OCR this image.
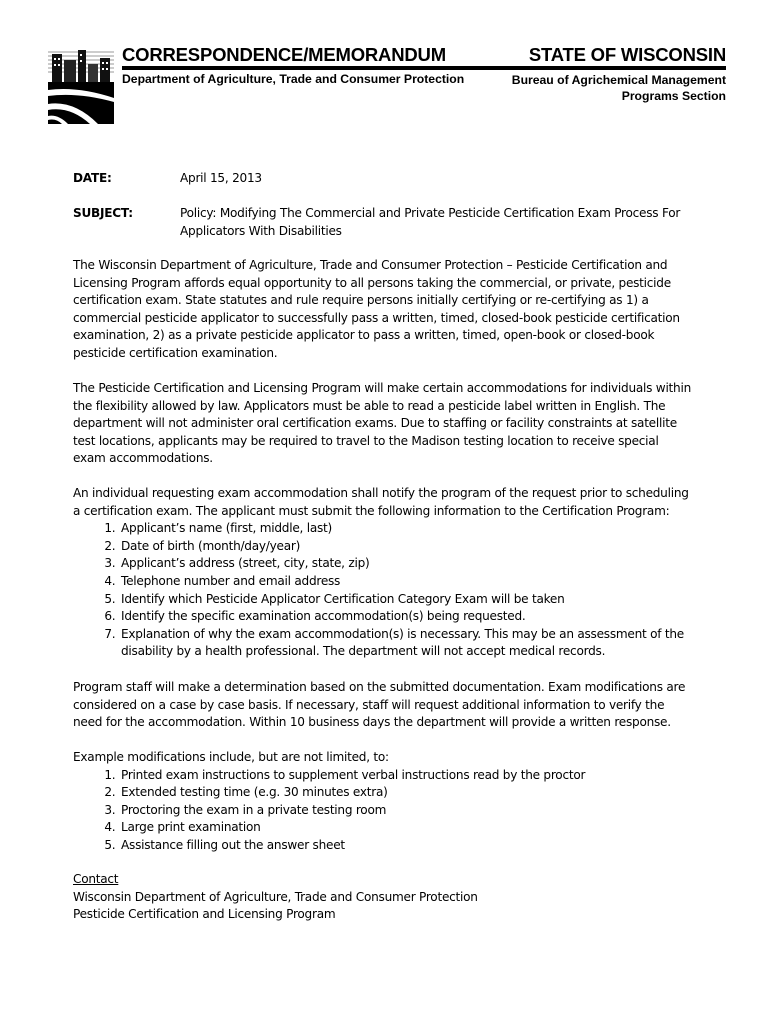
CORRESPONDENCE/MEMORANDUM	STATE OF WISCONSIN
Department of Agriculture, Trade and Consumer Protection	Bureau of Agrichemical Management
Programs Section
DATE:	April 15, 2013
SUBJECT:	Policy: Modifying The Commercial and Private Pesticide Certification Exam Process For Applicators With Disabilities
The Wisconsin Department of Agriculture, Trade and Consumer Protection – Pesticide Certification and Licensing Program affords equal opportunity to all persons taking the commercial, or private, pesticide certification exam. State statutes and rule require persons initially certifying or re-certifying as 1) a commercial pesticide applicator to successfully pass a written, timed, closed-book pesticide certification examination, 2) as a private pesticide applicator to pass a written, timed, open-book or closed-book pesticide certification examination.
The Pesticide Certification and Licensing Program will make certain accommodations for individuals within the flexibility allowed by law. Applicators must be able to read a pesticide label written in English. The department will not administer oral certification exams. Due to staffing or facility constraints at satellite test locations, applicants may be required to travel to the Madison testing location to receive special exam accommodations.
An individual requesting exam accommodation shall notify the program of the request prior to scheduling a certification exam. The applicant must submit the following information to the Certification Program:
1. Applicant’s name (first, middle, last)
2. Date of birth (month/day/year)
3. Applicant’s address (street, city, state, zip)
4. Telephone number and email address
5. Identify which Pesticide Applicator Certification Category Exam will be taken
6. Identify the specific examination accommodation(s) being requested.
7. Explanation of why the exam accommodation(s) is necessary. This may be an assessment of the disability by a health professional. The department will not accept medical records.
Program staff will make a determination based on the submitted documentation. Exam modifications are considered on a case by case basis. If necessary, staff will request additional information to verify the need for the accommodation. Within 10 business days the department will provide a written response.
Example modifications include, but are not limited, to:
1. Printed exam instructions to supplement verbal instructions read by the proctor
2. Extended testing time (e.g. 30 minutes extra)
3. Proctoring the exam in a private testing room
4. Large print examination
5. Assistance filling out the answer sheet
Contact
Wisconsin Department of Agriculture, Trade and Consumer Protection
Pesticide Certification and Licensing Program
